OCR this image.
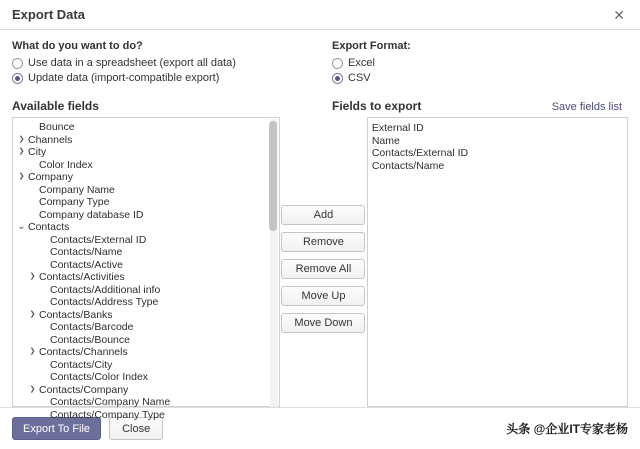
Export Data	✕
What do you want to do?
Use data in a spreadsheet (export all data)
Update data (import-compatible export)
Export Format:
Excel
CSV
Available fields	Fields to export	Save fields list
Bounce
❯ Channels
❯ City
Color Index
❯ Company
Company Name
Company Type
Company database ID
⌄ Contacts
Contacts/External ID
Contacts/Name
Contacts/Active
❯ Contacts/Activities
Contacts/Additional info
Contacts/Address Type
❯ Contacts/Banks
Contacts/Barcode
Contacts/Bounce
❯ Contacts/Channels
Contacts/City
Contacts/Color Index
❯ Contacts/Company
Contacts/Company Name
Contacts/Company Type
Add
Remove
Remove All
Move Up
Move Down
External ID
Name
Contacts/External ID
Contacts/Name
Export To File	Close	头条 @企业IT专家老杨
